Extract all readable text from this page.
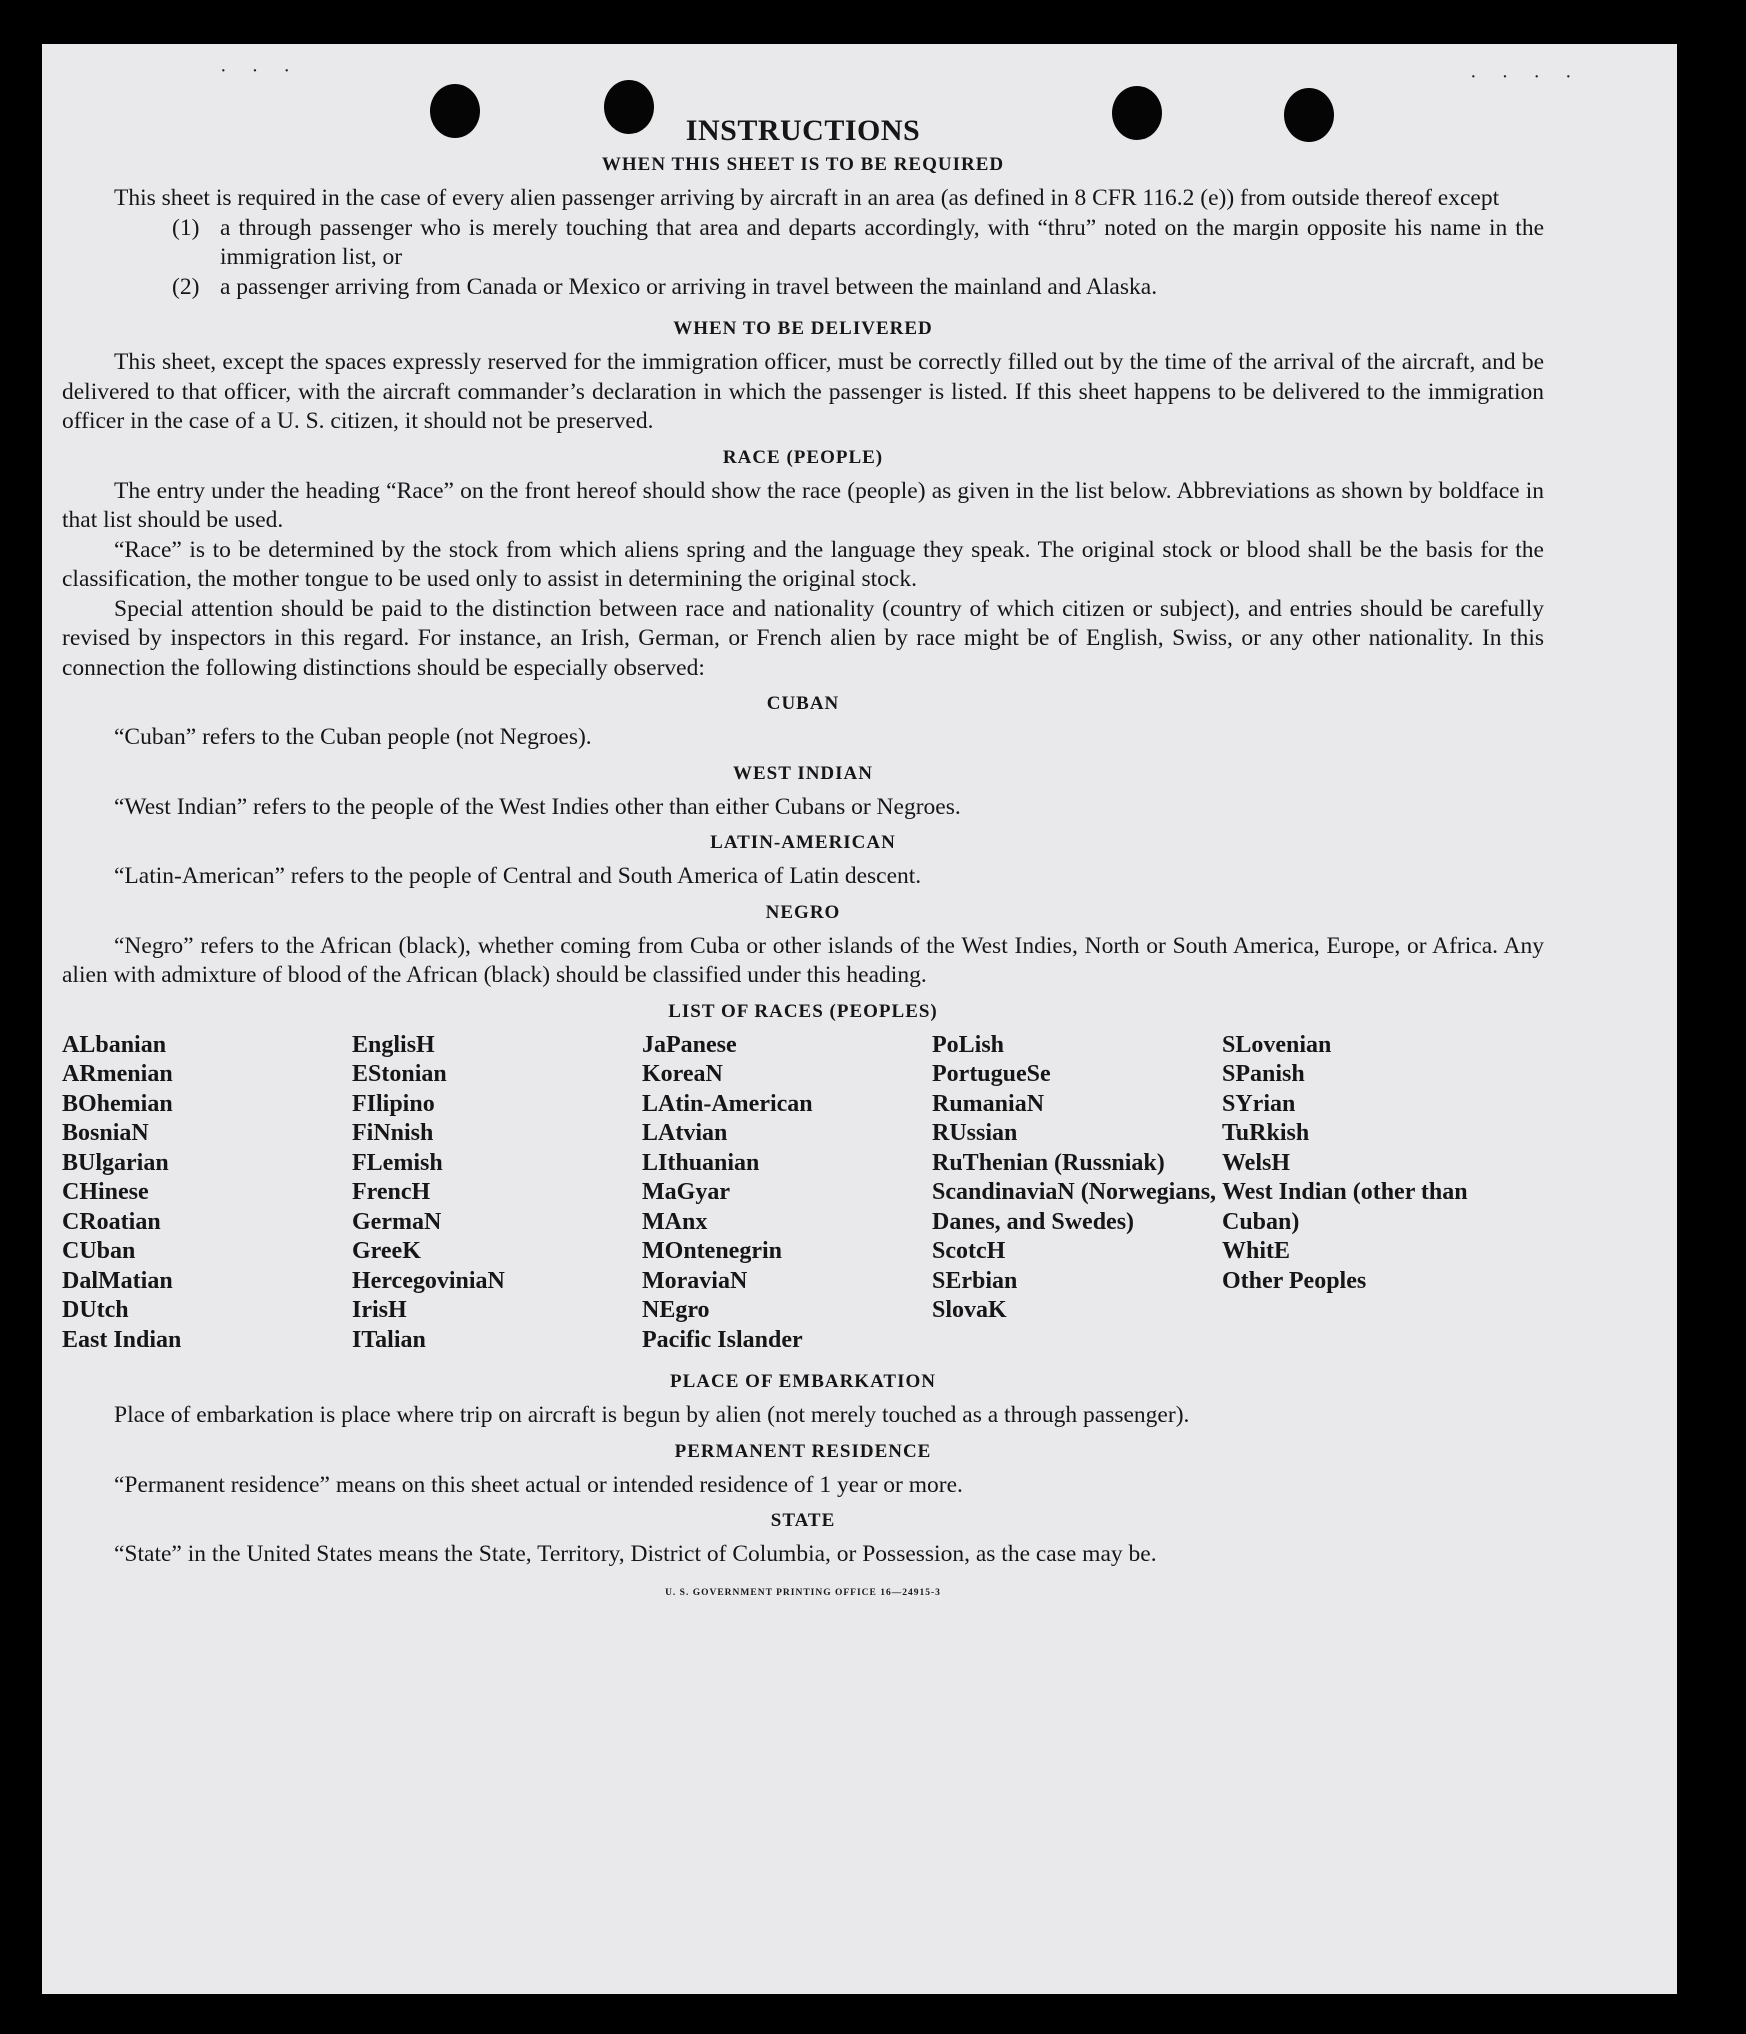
· · ·	· · · ·
INSTRUCTIONS
WHEN THIS SHEET IS TO BE REQUIRED

This sheet is required in the case of every alien passenger arriving by aircraft in an area (as defined in 8 CFR 116.2 (e)) from outside thereof except

(1) a through passenger who is merely touching that area and departs accordingly, with “thru” noted on the margin opposite his name in the immigration list, or
(2) a passenger arriving from Canada or Mexico or arriving in travel between the mainland and Alaska.
WHEN TO BE DELIVERED

This sheet, except the spaces expressly reserved for the immigration officer, must be correctly filled out by the time of the arrival of the aircraft, and be delivered to that officer, with the aircraft commander’s declaration in which the passenger is listed. If this sheet happens to be delivered to the immigration officer in the case of a U. S. citizen, it should not be preserved.

RACE (PEOPLE)

The entry under the heading “Race” on the front hereof should show the race (people) as given in the list below. Abbreviations as shown by boldface in that list should be used.

“Race” is to be determined by the stock from which aliens spring and the language they speak. The original stock or blood shall be the basis for the classification, the mother tongue to be used only to assist in determining the original stock.

Special attention should be paid to the distinction between race and nationality (country of which citizen or subject), and entries should be carefully revised by inspectors in this regard. For instance, an Irish, German, or French alien by race might be of English, Swiss, or any other nationality. In this connection the following distinctions should be especially observed:

CUBAN

“Cuban” refers to the Cuban people (not Negroes).

WEST INDIAN

“West Indian” refers to the people of the West Indies other than either Cubans or Negroes.

LATIN-AMERICAN

“Latin-American” refers to the people of Central and South America of Latin descent.

NEGRO

“Negro” refers to the African (black), whether coming from Cuba or other islands of the West Indies, North or South America, Europe, or Africa. Any alien with admixture of blood of the African (black) should be classified under this heading.

LIST OF RACES (PEOPLES)
ALbanian
ARmenian
BOhemian
BosniaN
BUlgarian
CHinese
CRoatian
CUban
DalMatian
DUtch
East Indian
EnglisH
EStonian
FIlipino
FiNnish
FLemish
FrencH
GermaN
GreeK
HercegoviniaN
IrisH
ITalian
JaPanese
KoreaN
LAtin-American
LAtvian
LIthuanian
MaGyar
MAnx
MOntenegrin
MoraviaN
NEgro
Pacific Islander
PoLish
PortugueSe
RumaniaN
RUssian
RuThenian (Russniak)
ScandinaviaN (Norwegians, Danes, and Swedes)
ScotcH
SErbian
SlovaK
SLovenian
SPanish
SYrian
TuRkish
WelsH
West Indian (other than Cuban)
WhitE
Other Peoples
PLACE OF EMBARKATION

Place of embarkation is place where trip on aircraft is begun by alien (not merely touched as a through passenger).

PERMANENT RESIDENCE

“Permanent residence” means on this sheet actual or intended residence of 1 year or more.

STATE

“State” in the United States means the State, Territory, District of Columbia, or Possession, as the case may be.

U. S. GOVERNMENT PRINTING OFFICE 16—24915-3
